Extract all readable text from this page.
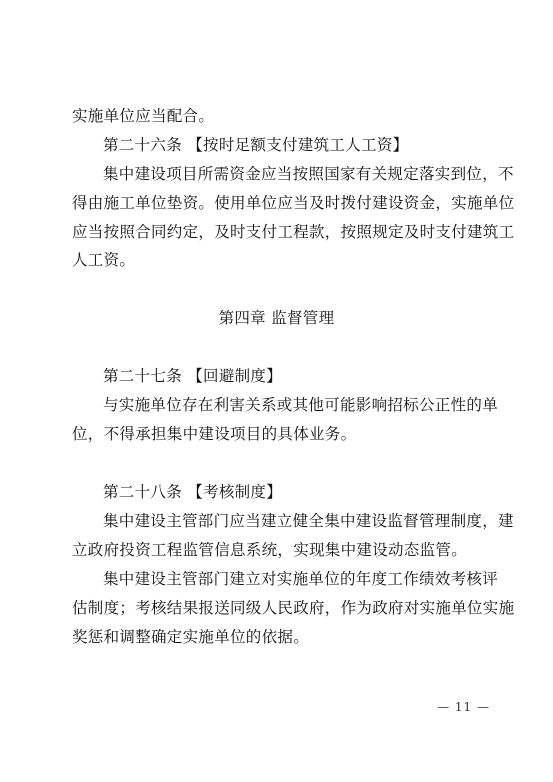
实施单位应当配合。
第二十六条 【按时足额支付建筑工人工资】
集中建设项目所需资金应当按照国家有关规定落实到位，不
得由施工单位垫资。使用单位应当及时拨付建设资金，实施单位
应当按照合同约定，及时支付工程款，按照规定及时支付建筑工
人工资。
第四章 监督管理
第二十七条 【回避制度】
与实施单位存在利害关系或其他可能影响招标公正性的单
位，不得承担集中建设项目的具体业务。
第二十八条 【考核制度】
集中建设主管部门应当建立健全集中建设监督管理制度，建
立政府投资工程监管信息系统，实现集中建设动态监管。
集中建设主管部门建立对实施单位的年度工作绩效考核评
估制度；考核结果报送同级人民政府，作为政府对实施单位实施
奖惩和调整确定实施单位的依据。
— 11 —
